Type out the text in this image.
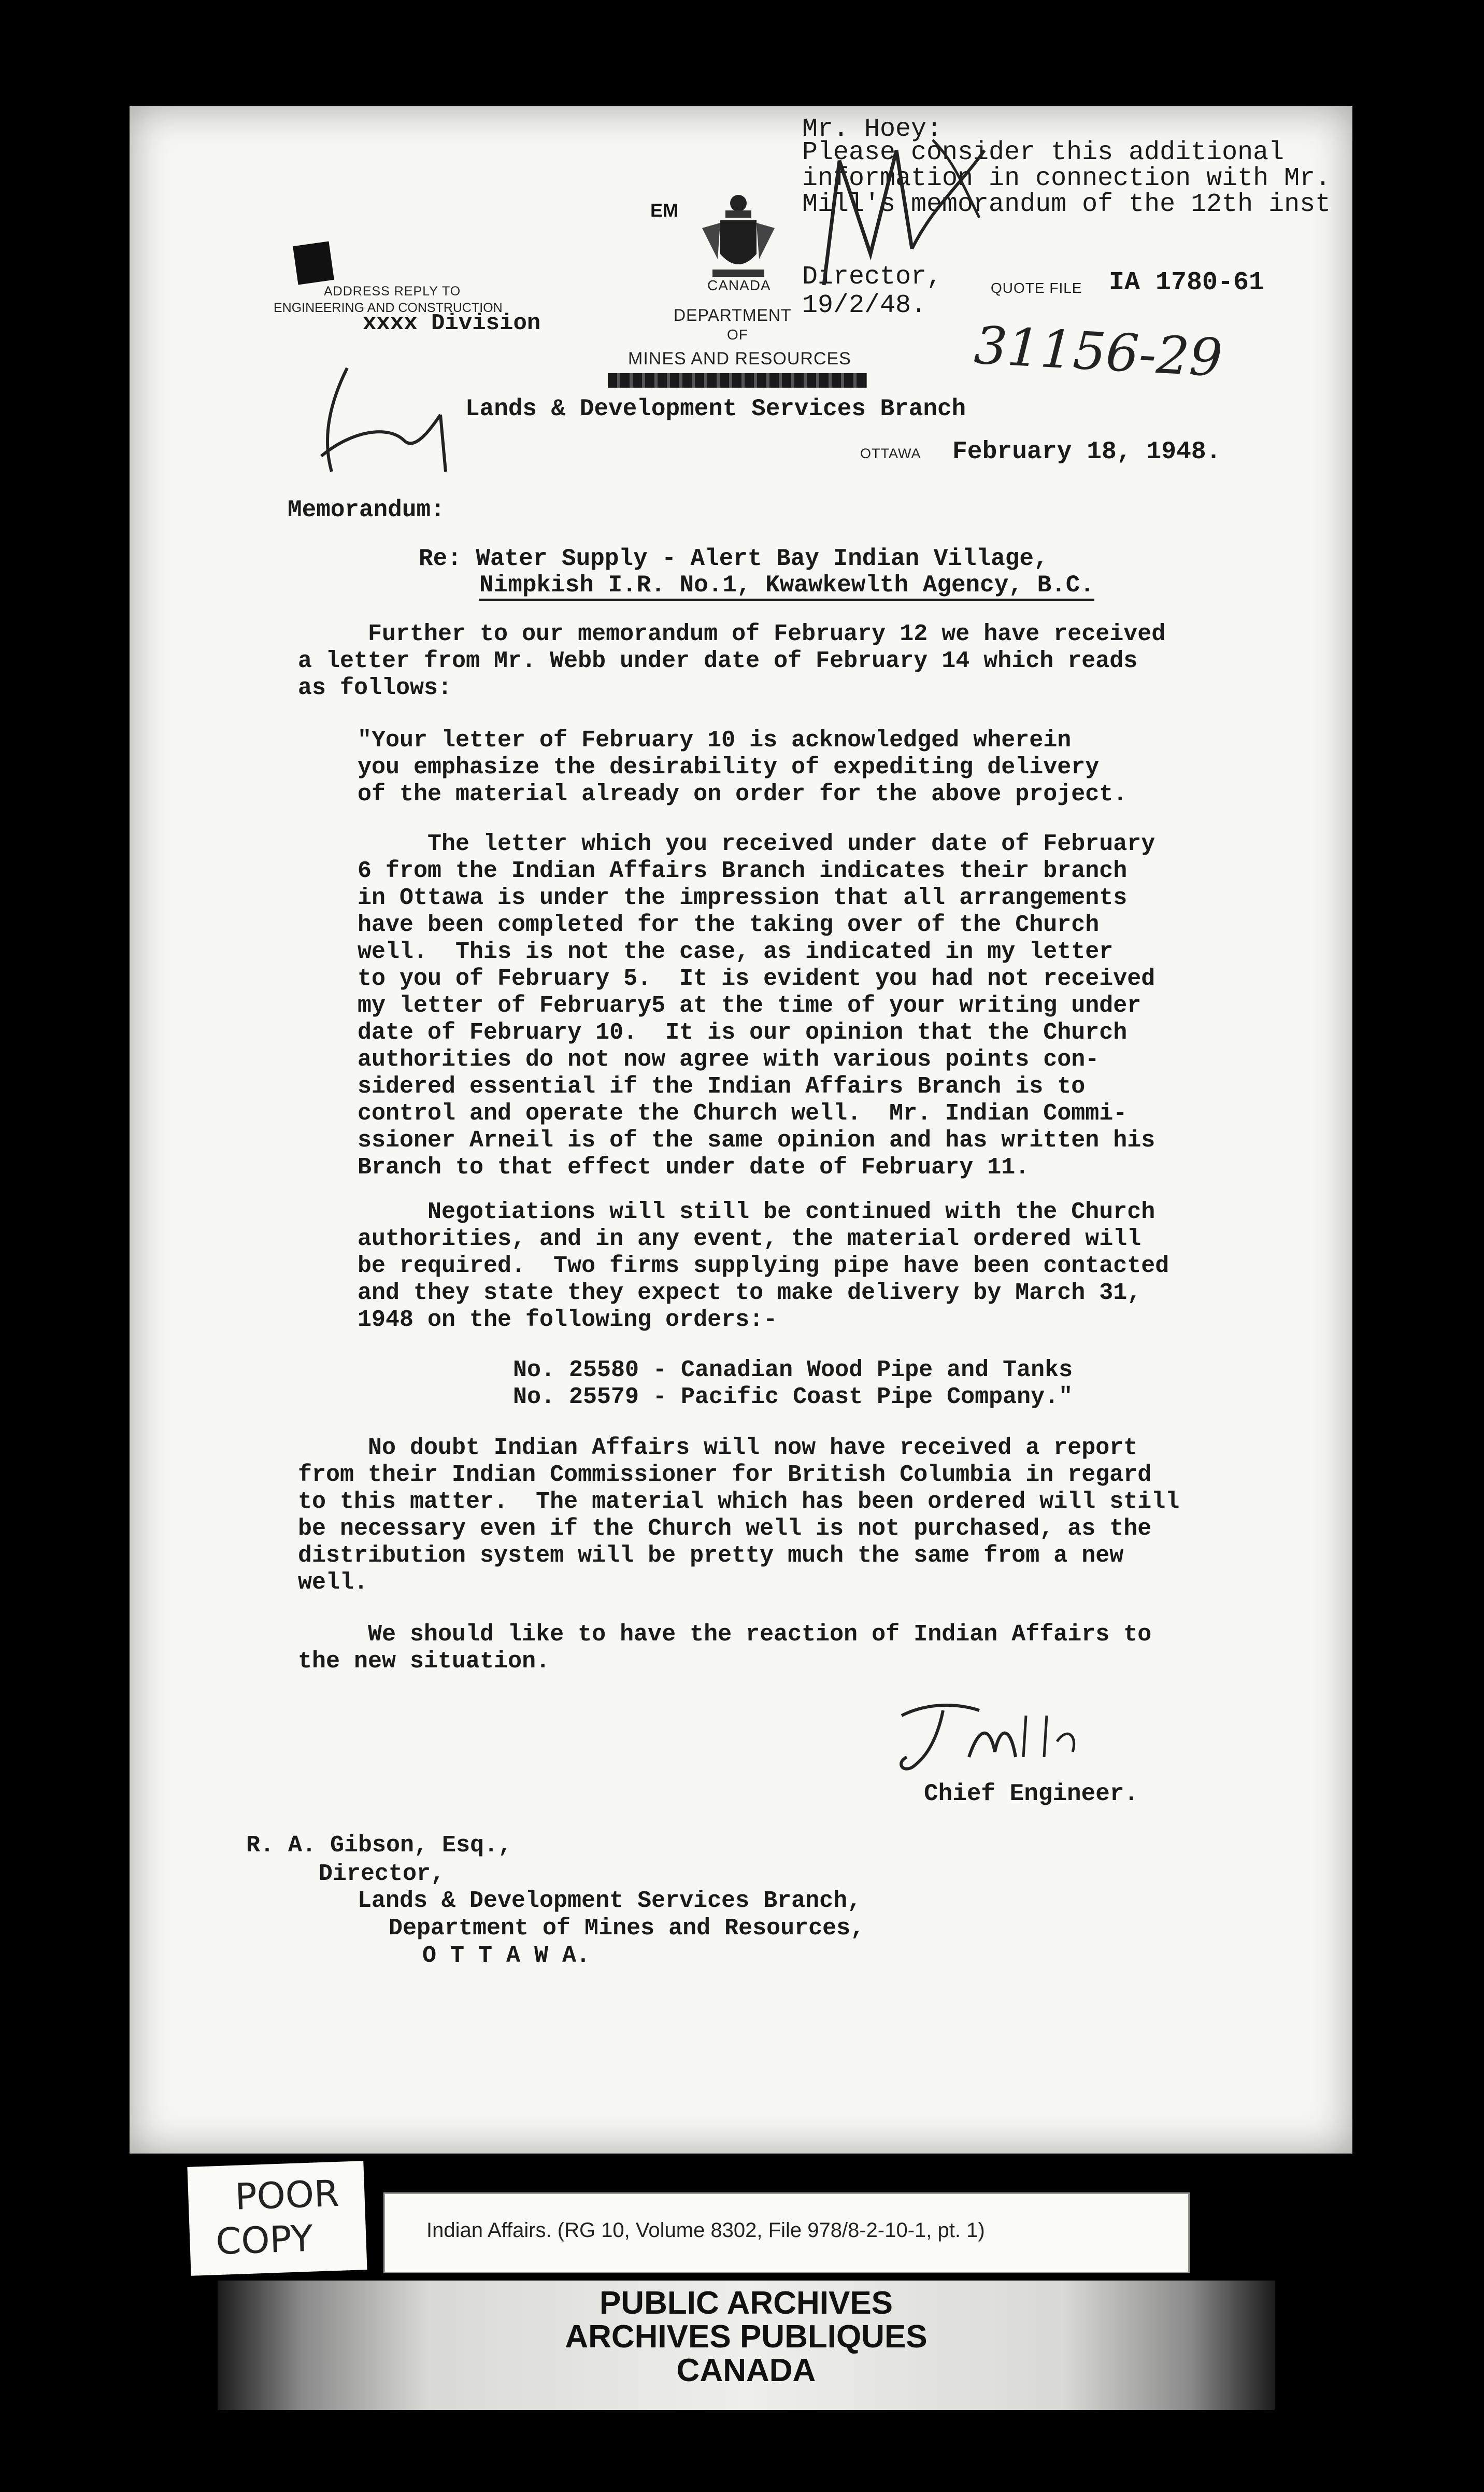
Mr. Hoey:
Please consider this additional
information in connection with Mr.
Mill's memorandum of the 12th inst
Director,
19/2/48.
EM
ADDRESS REPLY TO
ENGINEERING AND CONSTRUCTION
xxxx Division
CANADA
DEPARTMENT
OF
MINES AND RESOURCES
QUOTE FILE IA 1780-61
31156-29
Lands & Development Services Branch
OTTAWA February 18, 1948.
Memorandum:
Re: Water Supply - Alert Bay Indian Village,
Nimpkish I.R. No.1, Kwawkewlth Agency, B.C.
Further to our memorandum of February 12 we have received
a letter from Mr. Webb under date of February 14 which reads
as follows:
"Your letter of February 10 is acknowledged wherein
you emphasize the desirability of expediting delivery
of the material already on order for the above project.
The letter which you received under date of February
6 from the Indian Affairs Branch indicates their branch
in Ottawa is under the impression that all arrangements
have been completed for the taking over of the Church
well.  This is not the case, as indicated in my letter
to you of February 5.  It is evident you had not received
my letter of February5 at the time of your writing under
date of February 10.  It is our opinion that the Church
authorities do not now agree with various points con-
sidered essential if the Indian Affairs Branch is to
control and operate the Church well.  Mr. Indian Commi-
ssioner Arneil is of the same opinion and has written his
Branch to that effect under date of February 11.
Negotiations will still be continued with the Church
authorities, and in any event, the material ordered will
be required.  Two firms supplying pipe have been contacted
and they state they expect to make delivery by March 31,
1948 on the following orders:-
No. 25580 - Canadian Wood Pipe and Tanks
No. 25579 - Pacific Coast Pipe Company."
No doubt Indian Affairs will now have received a report
from their Indian Commissioner for British Columbia in regard
to this matter.  The material which has been ordered will still
be necessary even if the Church well is not purchased, as the
distribution system will be pretty much the same from a new
well.
We should like to have the reaction of Indian Affairs to
the new situation.
Chief Engineer.
R. A. Gibson, Esq.,
Director,
Lands & Development Services Branch,
Department of Mines and Resources,
O T T A W A.
POOR
COPY	Indian Affairs. (RG 10, Volume 8302, File 978/8-2-10-1, pt. 1)
PUBLIC ARCHIVES
ARCHIVES PUBLIQUES
CANADA
